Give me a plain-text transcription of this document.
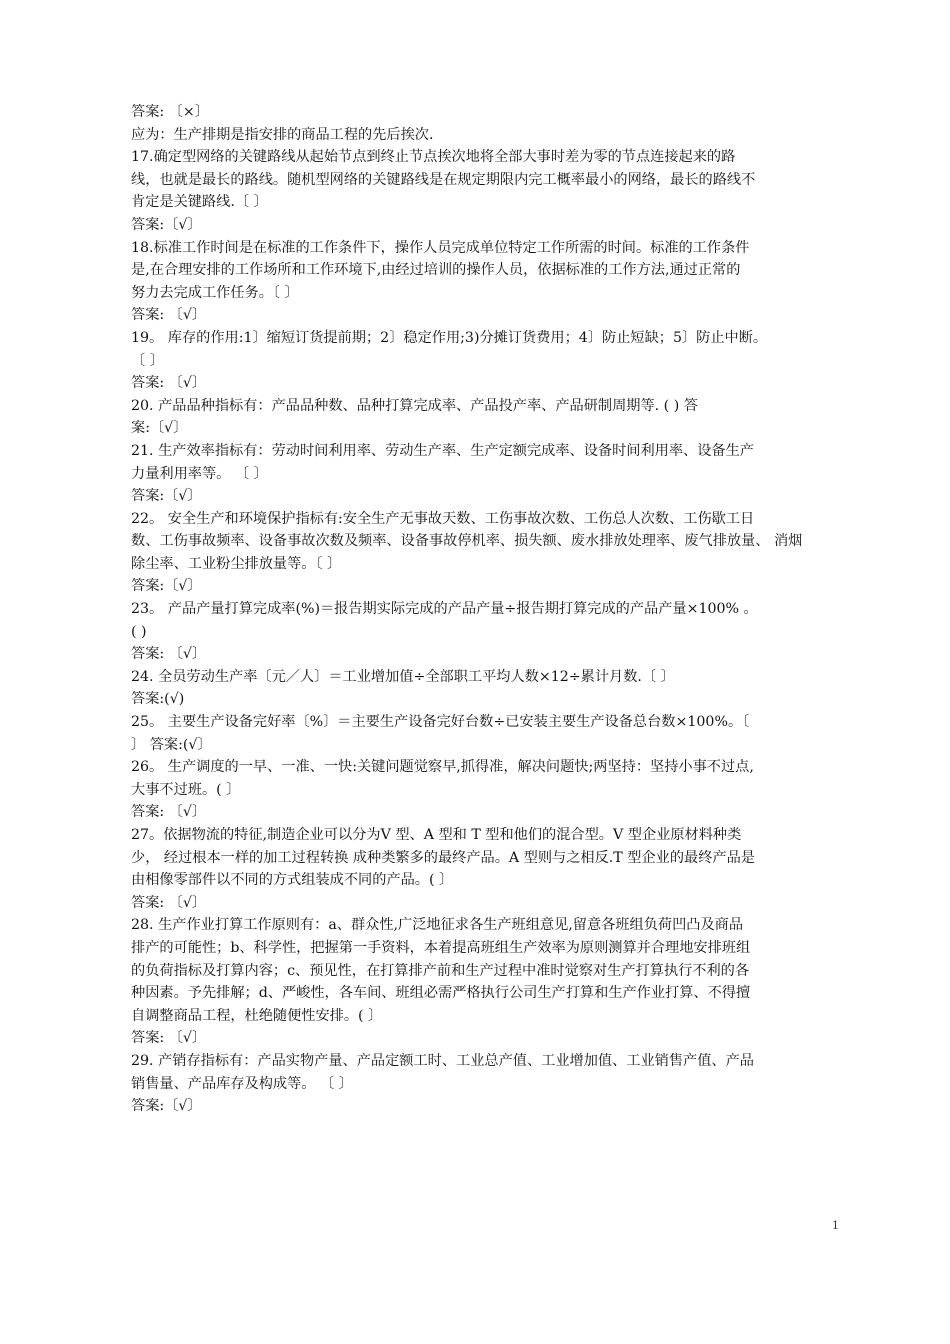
答案: 〔×〕
应为：生产排期是指安排的商品工程的先后挨次.
17.确定型网络的关键路线从起始节点到终止节点挨次地将全部大事时差为零的节点连接起来的路
线，也就是最长的路线。随机型网络的关键路线是在规定期限内完工概率最小的网络，最长的路线不
肯定是关键路线.〔 〕
答案:〔√〕
18.标准工作时间是在标准的工作条件下，操作人员完成单位特定工作所需的时间。标准的工作条件
是,在合理安排的工作场所和工作环境下,由经过培训的操作人员，依据标准的工作方法,通过正常的
努力去完成工作任务。〔 〕
答案: 〔√〕
19。 库存的作用:1〕缩短订货提前期；2〕稳定作用;3)分摊订货费用；4〕防止短缺；5〕防止中断。
〔 〕
答案: 〔√〕
20. 产品品种指标有：产品品种数、品种打算完成率、产品投产率、产品研制周期等. ( ) 答
案:〔√〕
21. 生产效率指标有：劳动时间利用率、劳动生产率、生产定额完成率、设备时间利用率、设备生产
力量利用率等。 〔 〕
答案:〔√〕
22。 安全生产和环境保护指标有:安全生产无事故天数、工伤事故次数、工伤总人次数、工伤歇工日
数、工伤事故频率、设备事故次数及频率、设备事故停机率、损失额、废水排放处理率、废气排放量、 消烟
除尘率、工业粉尘排放量等。〔 〕
答案:〔√〕
23。 产品产量打算完成率(%)＝报告期实际完成的产品产量÷报告期打算完成的产品产量×100% 。
( )
答案: 〔√〕
24. 全员劳动生产率〔元／人〕＝工业增加值÷全部职工平均人数×12÷累计月数.〔 〕
答案:(√)
25。 主要生产设备完好率〔%〕＝主要生产设备完好台数÷已安装主要生产设备总台数×100%。〔
〕 答案:(√〕
26。 生产调度的一早、一准、一快:关键问题觉察早,抓得准，解决问题快;两坚持：坚持小事不过点,
大事不过班。( 〕
答案: 〔√〕
27。依据物流的特征,制造企业可以分为V 型、A 型和 T 型和他们的混合型。V 型企业原材料种类
少， 经过根本一样的加工过程转换 成种类繁多的最终产品。A 型则与之相反.T 型企业的最终产品是
由相像零部件以不同的方式组装成不同的产品。( 〕
答案: 〔√〕
28. 生产作业打算工作原则有：a、群众性,广泛地征求各生产班组意见,留意各班组负荷凹凸及商品
排产的可能性；b、科学性，把握第一手资料，本着提高班组生产效率为原则测算并合理地安排班组
的负荷指标及打算内容；c、预见性，在打算排产前和生产过程中准时觉察对生产打算执行不利的各
种因素。予先排解；d、严峻性，各车间、班组必需严格执行公司生产打算和生产作业打算、不得擅
自调整商品工程，杜绝随便性安排。( 〕
答案: 〔√〕
29. 产销存指标有：产品实物产量、产品定额工时、工业总产值、工业增加值、工业销售产值、产品
销售量、产品库存及构成等。 〔 〕
答案:〔√〕
1
